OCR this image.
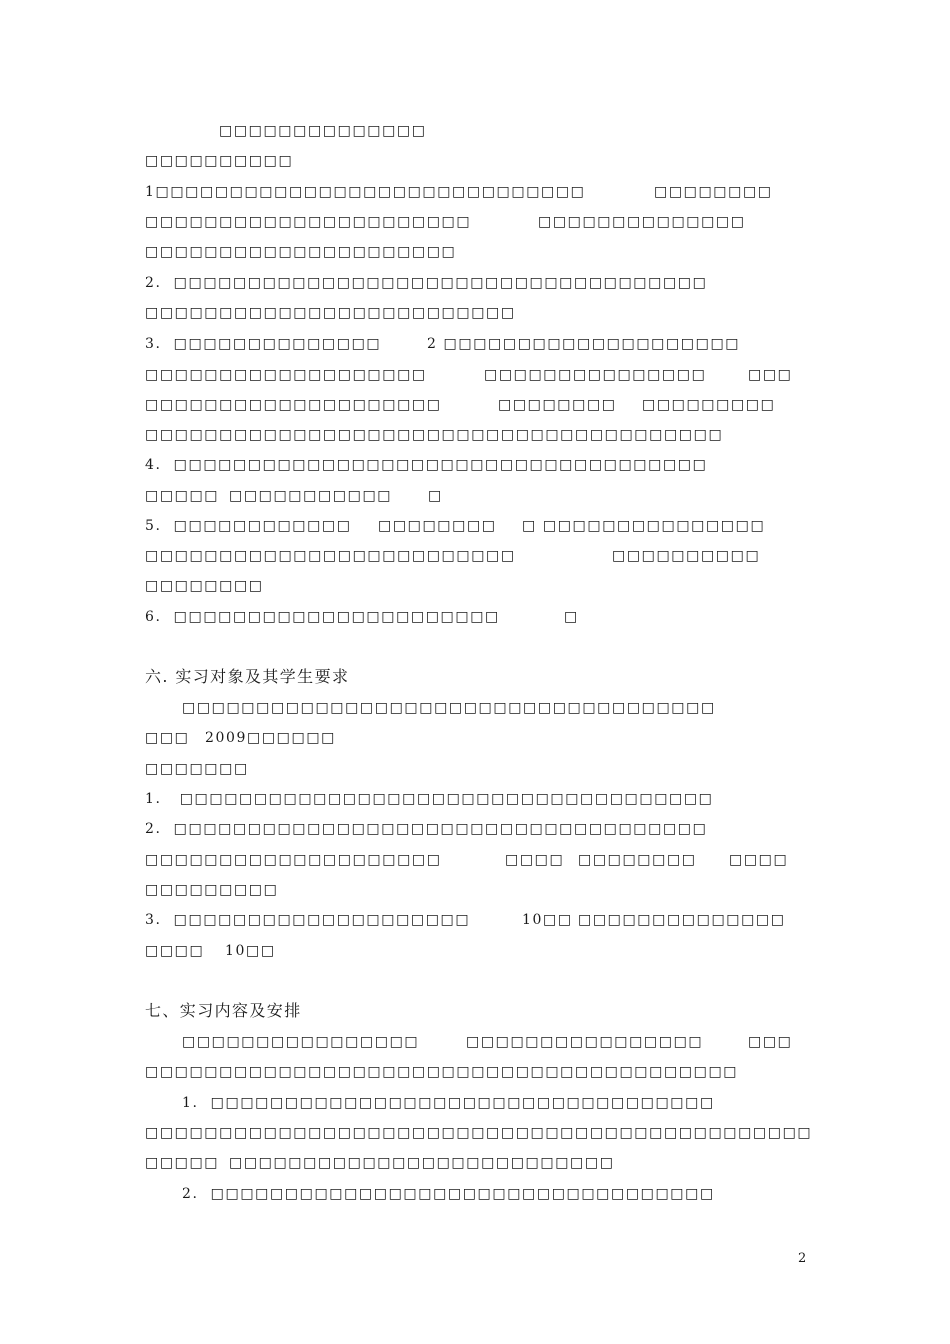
□□□□□□□□□□□□□□
□□□□□□□□□□
1□□□□□□□□□□□□□□□□□□□□□□□□□□□□□	□□□□□□□□
□□□□□□□□□□□□□□□□□□□□□□	□□□□□□□□□□□□□□
□□□□□□□□□□□□□□□□□□□□□
2.  □□□□□□□□□□□□□□□□□□□□□□□□□□□□□□□□□□□□
□□□□□□□□□□□□□□□□□□□□□□□□□
3.  □□□□□□□□□□□□□□	2 □□□□□□□□□□□□□□□□□□□□
□□□□□□□□□□□□□□□□□□□	□□□□□□□□□□□□□□□	□□□
□□□□□□□□□□□□□□□□□□□□	□□□□□□□□ □□□□□□□□□
□□□□□□□□□□□□□□□□□□□□□□□□□□□□□□□□□□□□□□□
4.  □□□□□□□□□□□□□□□□□□□□□□□□□□□□□□□□□□□□
□□□□□ □□□□□□□□□□□	□
5.  □□□□□□□□□□□□ □□□□□□□□ □ □□□□□□□□□□□□□□□
□□□□□□□□□□□□□□□□□□□□□□□□□	□□□□□□□□□□
□□□□□□□□
6.  □□□□□□□□□□□□□□□□□□□□□□	□
六. 实习对象及其学生要求
□□□□□□□□□□□□□□□□□□□□□□□□□□□□□□□□□□□□
□□□ 2009□□□□□□
□□□□□□□
1.   □□□□□□□□□□□□□□□□□□□□□□□□□□□□□□□□□□□□
2.  □□□□□□□□□□□□□□□□□□□□□□□□□□□□□□□□□□□□
□□□□□□□□□□□□□□□□□□□□	□□□□ □□□□□□□□ □□□□
□□□□□□□□□
3.  □□□□□□□□□□□□□□□□□□□□	10□□ □□□□□□□□□□□□□□
□□□□ 10□□
七、实习内容及安排
□□□□□□□□□□□□□□□□	□□□□□□□□□□□□□□□□	□□□
□□□□□□□□□□□□□□□□□□□□□□□□□□□□□□□□□□□□□□□□
1.  □□□□□□□□□□□□□□□□□□□□□□□□□□□□□□□□□□
□□□□□□□□□□□□□□□□□□□□□□□□□□□□□□□□□□□□□□□□□□□□□
□□□□□ □□□□□□□□□□□□□□□□□□□□□□□□□□
2.  □□□□□□□□□□□□□□□□□□□□□□□□□□□□□□□□□□
2
